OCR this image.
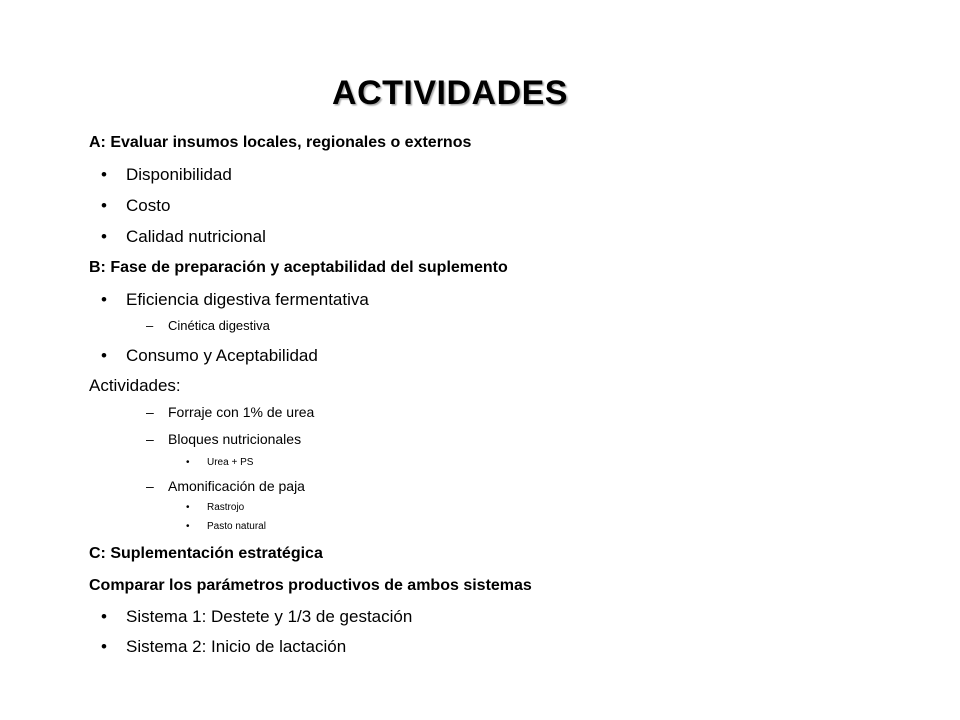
ACTIVIDADES
A: Evaluar insumos locales, regionales o externos
• Disponibilidad
• Costo
• Calidad nutricional
B: Fase de preparación y aceptabilidad del suplemento
• Eficiencia digestiva fermentativa
– Cinética digestiva
• Consumo y Aceptabilidad
Actividades:
– Forraje con 1% de urea
– Bloques nutricionales
• Urea + PS
– Amonificación de paja
• Rastrojo
• Pasto natural
C: Suplementación estratégica
Comparar los parámetros productivos de ambos sistemas
• Sistema 1: Destete y 1/3 de gestación
• Sistema 2: Inicio de lactación
